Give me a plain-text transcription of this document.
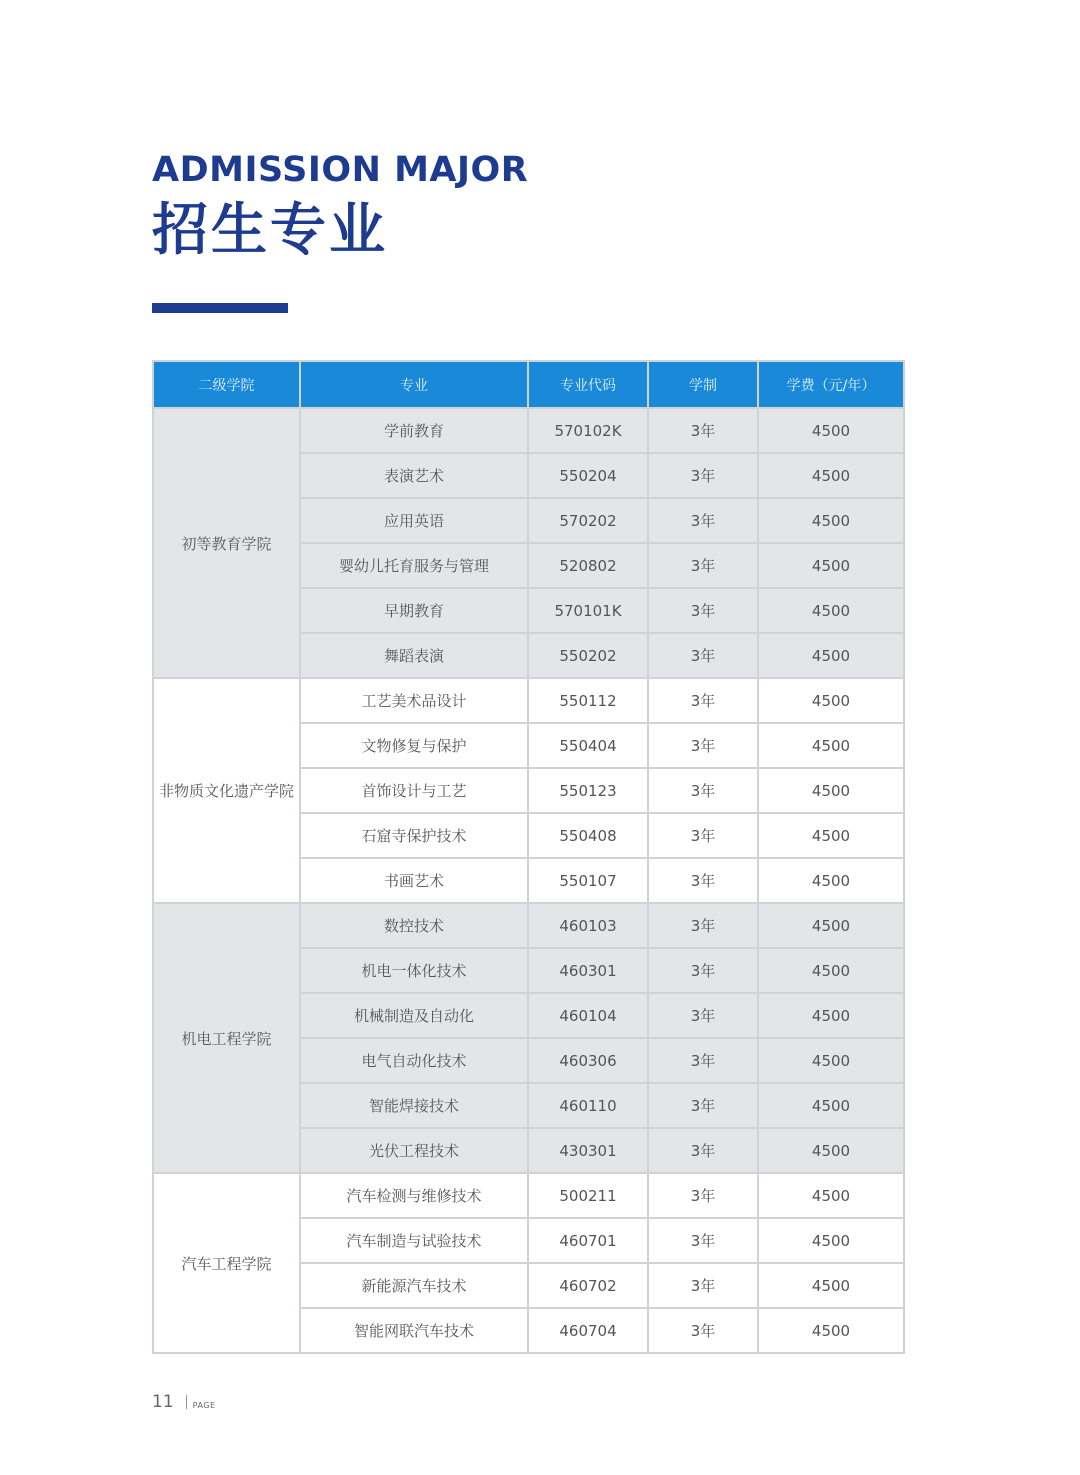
ADMISSION MAJOR
招生专业
二级学院	专业	专业代码	学制	学费（元/年）
初等教育学院	学前教育	570102K	3年	4500
	表演艺术	550204	3年	4500
	应用英语	570202	3年	4500
	婴幼儿托育服务与管理	520802	3年	4500
	早期教育	570101K	3年	4500
	舞蹈表演	550202	3年	4500
非物质文化遗产学院	工艺美术品设计	550112	3年	4500
	文物修复与保护	550404	3年	4500
	首饰设计与工艺	550123	3年	4500
	石窟寺保护技术	550408	3年	4500
	书画艺术	550107	3年	4500
机电工程学院	数控技术	460103	3年	4500
	机电一体化技术	460301	3年	4500
	机械制造及自动化	460104	3年	4500
	电气自动化技术	460306	3年	4500
	智能焊接技术	460110	3年	4500
	光伏工程技术	430301	3年	4500
汽车工程学院	汽车检测与维修技术	500211	3年	4500
	汽车制造与试验技术	460701	3年	4500
	新能源汽车技术	460702	3年	4500
	智能网联汽车技术	460704	3年	4500
11 PAGE
